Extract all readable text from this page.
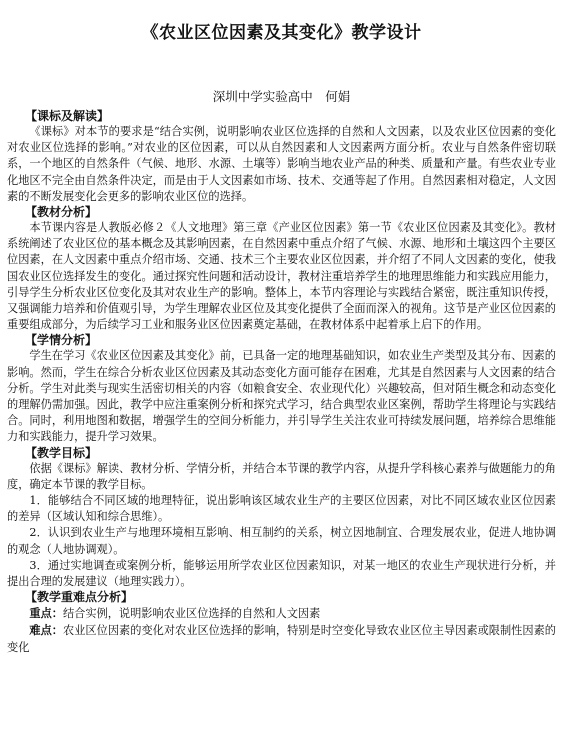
《农业区位因素及其变化》教学设计
深圳中学实验高中　何娟
【课标及解读】

《课标》对本节的要求是“结合实例，说明影响农业区位选择的自然和人文因素，以及农业区位因素的变化对农业区位选择的影响。”对农业的区位因素，可以从自然因素和人文因素两方面分析。农业与自然条件密切联系，一个地区的自然条件（气候、地形、水源、土壤等）影响当地农业产品的种类、质量和产量。有些农业专业化地区不完全由自然条件决定，而是由于人文因素如市场、技术、交通等起了作用。自然因素相对稳定，人文因素的不断发展变化会更多的影响农业区位的选择。

【教材分析】

本节课内容是人教版必修２《人文地理》第三章《产业区位因素》第一节《农业区位因素及其变化》。教材系统阐述了农业区位的基本概念及其影响因素，在自然因素中重点介绍了气候、水源、地形和土壤这四个主要区位因素，在人文因素中重点介绍市场、交通、技术三个主要农业区位因素，并介绍了不同人文因素的变化，使我国农业区位选择发生的变化。通过探究性问题和活动设计，教材注重培养学生的地理思维能力和实践应用能力，引导学生分析农业区位变化及其对农业生产的影响。整体上，本节内容理论与实践结合紧密，既注重知识传授，又强调能力培养和价值观引导，为学生理解农业区位及其变化提供了全面而深入的视角。这节是产业区位因素的重要组成部分，为后续学习工业和服务业区位因素奠定基础，在教材体系中起着承上启下的作用。

【学情分析】

学生在学习《农业区位因素及其变化》前，已具备一定的地理基础知识，如农业生产类型及其分布、因素的影响。然而，学生在综合分析农业区位因素及其动态变化方面可能存在困难，尤其是自然因素与人文因素的结合分析。学生对此类与现实生活密切相关的内容（如粮食安全、农业现代化）兴趣较高，但对陌生概念和动态变化的理解仍需加强。因此，教学中应注重案例分析和探究式学习，结合典型农业区案例，帮助学生将理论与实践结合。同时，利用地图和数据，增强学生的空间分析能力，并引导学生关注农业可持续发展问题，培养综合思维能力和实践能力，提升学习效果。

【教学目标】

依据《课标》解读、教材分析、学情分析，并结合本节课的教学内容，从提升学科核心素养与做题能力的角度，确定本节课的教学目标。

1．能够结合不同区域的地理特征，说出影响该区域农业生产的主要区位因素，对比不同区域农业区位因素的差异（区域认知和综合思维）。

2．认识到农业生产与地理环境相互影响、相互制约的关系，树立因地制宜、合理发展农业，促进人地协调的观念（人地协调观）。

3．通过实地调查或案例分析，能够运用所学农业区位因素知识，对某一地区的农业生产现状进行分析，并提出合理的发展建议（地理实践力）。

【教学重难点分析】

重点：结合实例，说明影响农业区位选择的自然和人文因素

难点：农业区位因素的变化对农业区位选择的影响，特别是时空变化导致农业区位主导因素或限制性因素的变化
